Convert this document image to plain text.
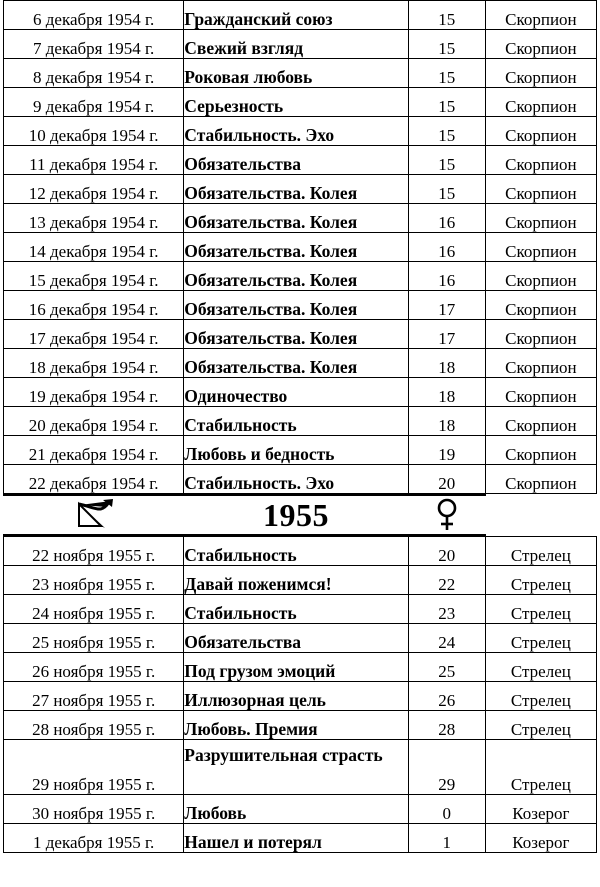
6 декабря 1954 г.	Гражданский союз	15	Скорпион
7 декабря 1954 г.	Свежий взгляд	15	Скорпион
8 декабря 1954 г.	Роковая любовь	15	Скорпион
9 декабря 1954 г.	Серьезность	15	Скорпион
10 декабря 1954 г.	Стабильность. Эхо	15	Скорпион
11 декабря 1954 г.	Обязательства	15	Скорпион
12 декабря 1954 г.	Обязательства. Колея	15	Скорпион
13 декабря 1954 г.	Обязательства. Колея	16	Скорпион
14 декабря 1954 г.	Обязательства. Колея	16	Скорпион
15 декабря 1954 г.	Обязательства. Колея	16	Скорпион
16 декабря 1954 г.	Обязательства. Колея	17	Скорпион
17 декабря 1954 г.	Обязательства. Колея	17	Скорпион
18 декабря 1954 г.	Обязательства. Колея	18	Скорпион
19 декабря 1954 г.	Одиночество	18	Скорпион
20 декабря 1954 г.	Стабильность	18	Скорпион
21 декабря 1954 г.	Любовь и бедность	19	Скорпион
22 декабря 1954 г.	Стабильность. Эхо	20	Скорпион
	1955	
22 ноября 1955 г.	Стабильность	20	Стрелец
23 ноября 1955 г.	Давай поженимся!	22	Стрелец
24 ноября 1955 г.	Стабильность	23	Стрелец
25 ноября 1955 г.	Обязательства	24	Стрелец
26 ноября 1955 г.	Под грузом эмоций	25	Стрелец
27 ноября 1955 г.	Иллюзорная цель	26	Стрелец
28 ноября 1955 г.	Любовь. Премия	28	Стрелец
29 ноября 1955 г.	Разрушительная страсть	29	Стрелец
30 ноября 1955 г.	Любовь	0	Козерог
1 декабря 1955 г.	Нашел и потерял	1	Козерог
